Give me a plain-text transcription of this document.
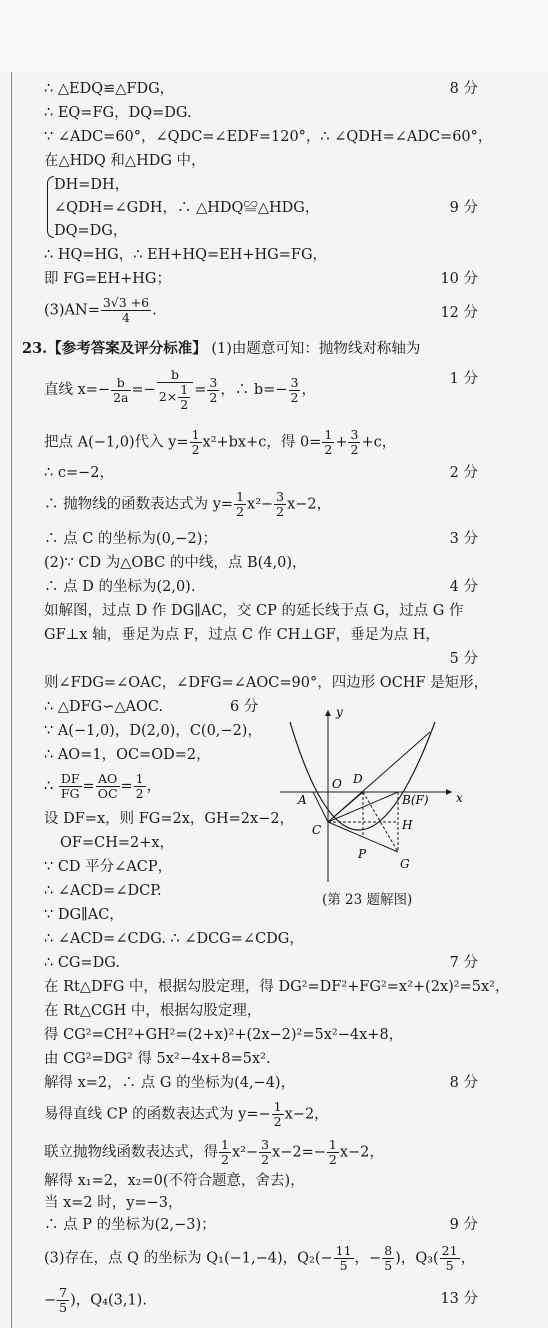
∴ △EDQ≌△FDG，	8 分
∴ EQ=FG，DQ=DG.
∵ ∠ADC=60°，∠QDC=∠EDF=120°，∴ ∠QDH=∠ADC=60°，
在△HDQ 和△HDG 中，
DH=DH，
∠QDH=∠GDH，∴ △HDQ≌△HDG，	9 分
DQ=DG，
∴ HQ=HG，∴ EH+HQ=EH+HG=FG，
即 FG=EH+HG；	10 分
$(3)AN= \frac{3√3 +6}{4}$ .	12 分
23.【参考答案及评分标准】 (1)由题意可知：抛物线对称轴为
直线 $x=- \frac{b}{2a} =- \frac{b}{2\times \frac{1}{2}} = \frac{3}{2}$ ，∴ $b=- \frac{3}{2}$ ，
1 分
把点 A(−1,0)代入 $y= \frac{1}{2} x^2+bx+c$，得 $0= \frac{1}{2} + \frac{3}{2} +c$，
∴ c=−2，	2 分
∴ 抛物线的函数表达式为 $y= \frac{1}{2} x^2- \frac{3}{2} x-2$，
∴ 点 C 的坐标为(0,−2)；	3 分
(2)∵ CD 为△OBC 的中线，点 B(4,0)，
∴ 点 D 的坐标为(2,0).	4 分
如解图，过点 D 作 DG∥AC，交 CP 的延长线于点 G，过点 G 作
GF⊥x 轴，垂足为点 F，过点 C 作 CH⊥GF，垂足为点 H，
5 分
则∠FDG=∠OAC，∠DFG=∠AOC=90°，四边形 OCHF 是矩形，
∴ △DFG∽△AOC.	6 分
∵ A(−1,0)，D(2,0)，C(0,−2)，
∴ AO=1，OC=OD=2，
∴ $\frac{DF}{FG} = \frac{AO}{OC} = \frac{1}{2}$ ，
设 DF=x，则 FG=2x，GH=2x−2，
OF=CH=2+x，
∵ CD 平分∠ACP，
∴ ∠ACD=∠DCP.
∵ DG∥AC，
∴ ∠ACD=∠CDG. ∴ ∠DCG=∠CDG，
∴ CG=DG.	7 分
在 Rt△DFG 中，根据勾股定理，得 DG²=DF²+FG²=x²+(2x)²=5x²，
在 Rt△CGH 中，根据勾股定理，
得 CG²=CH²+GH²=(2+x)²+(2x−2)²=5x²−4x+8，
由 CG²=DG² 得 5x²−4x+8=5x².
解得 x=2，∴ 点 G 的坐标为(4,−4)，	8 分
易得直线 CP 的函数表达式为 $y=- \frac{1}{2} x-2$，
联立抛物线函数表达式，得 $\frac{1}{2} x^2- \frac{3}{2} x-2=- \frac{1}{2} x-2$，
解得 x₁=2，x₂=0(不符合题意，舍去)，
当 x=2 时，y=−3，
∴ 点 P 的坐标为(2,−3)；	9 分
(3)存在，点 Q 的坐标为 Q₁(−1,−4)，$Q_2(- \frac{11}{5}$ ，− $\frac{8}{5}$ )，$Q_3( \frac{21}{5}$ ，
− $\frac{7}{5}$ )，Q₄(3,1).	13 分
y
x
O
A
D
B(F)
C	H
P
G
(第 23 题解图)
